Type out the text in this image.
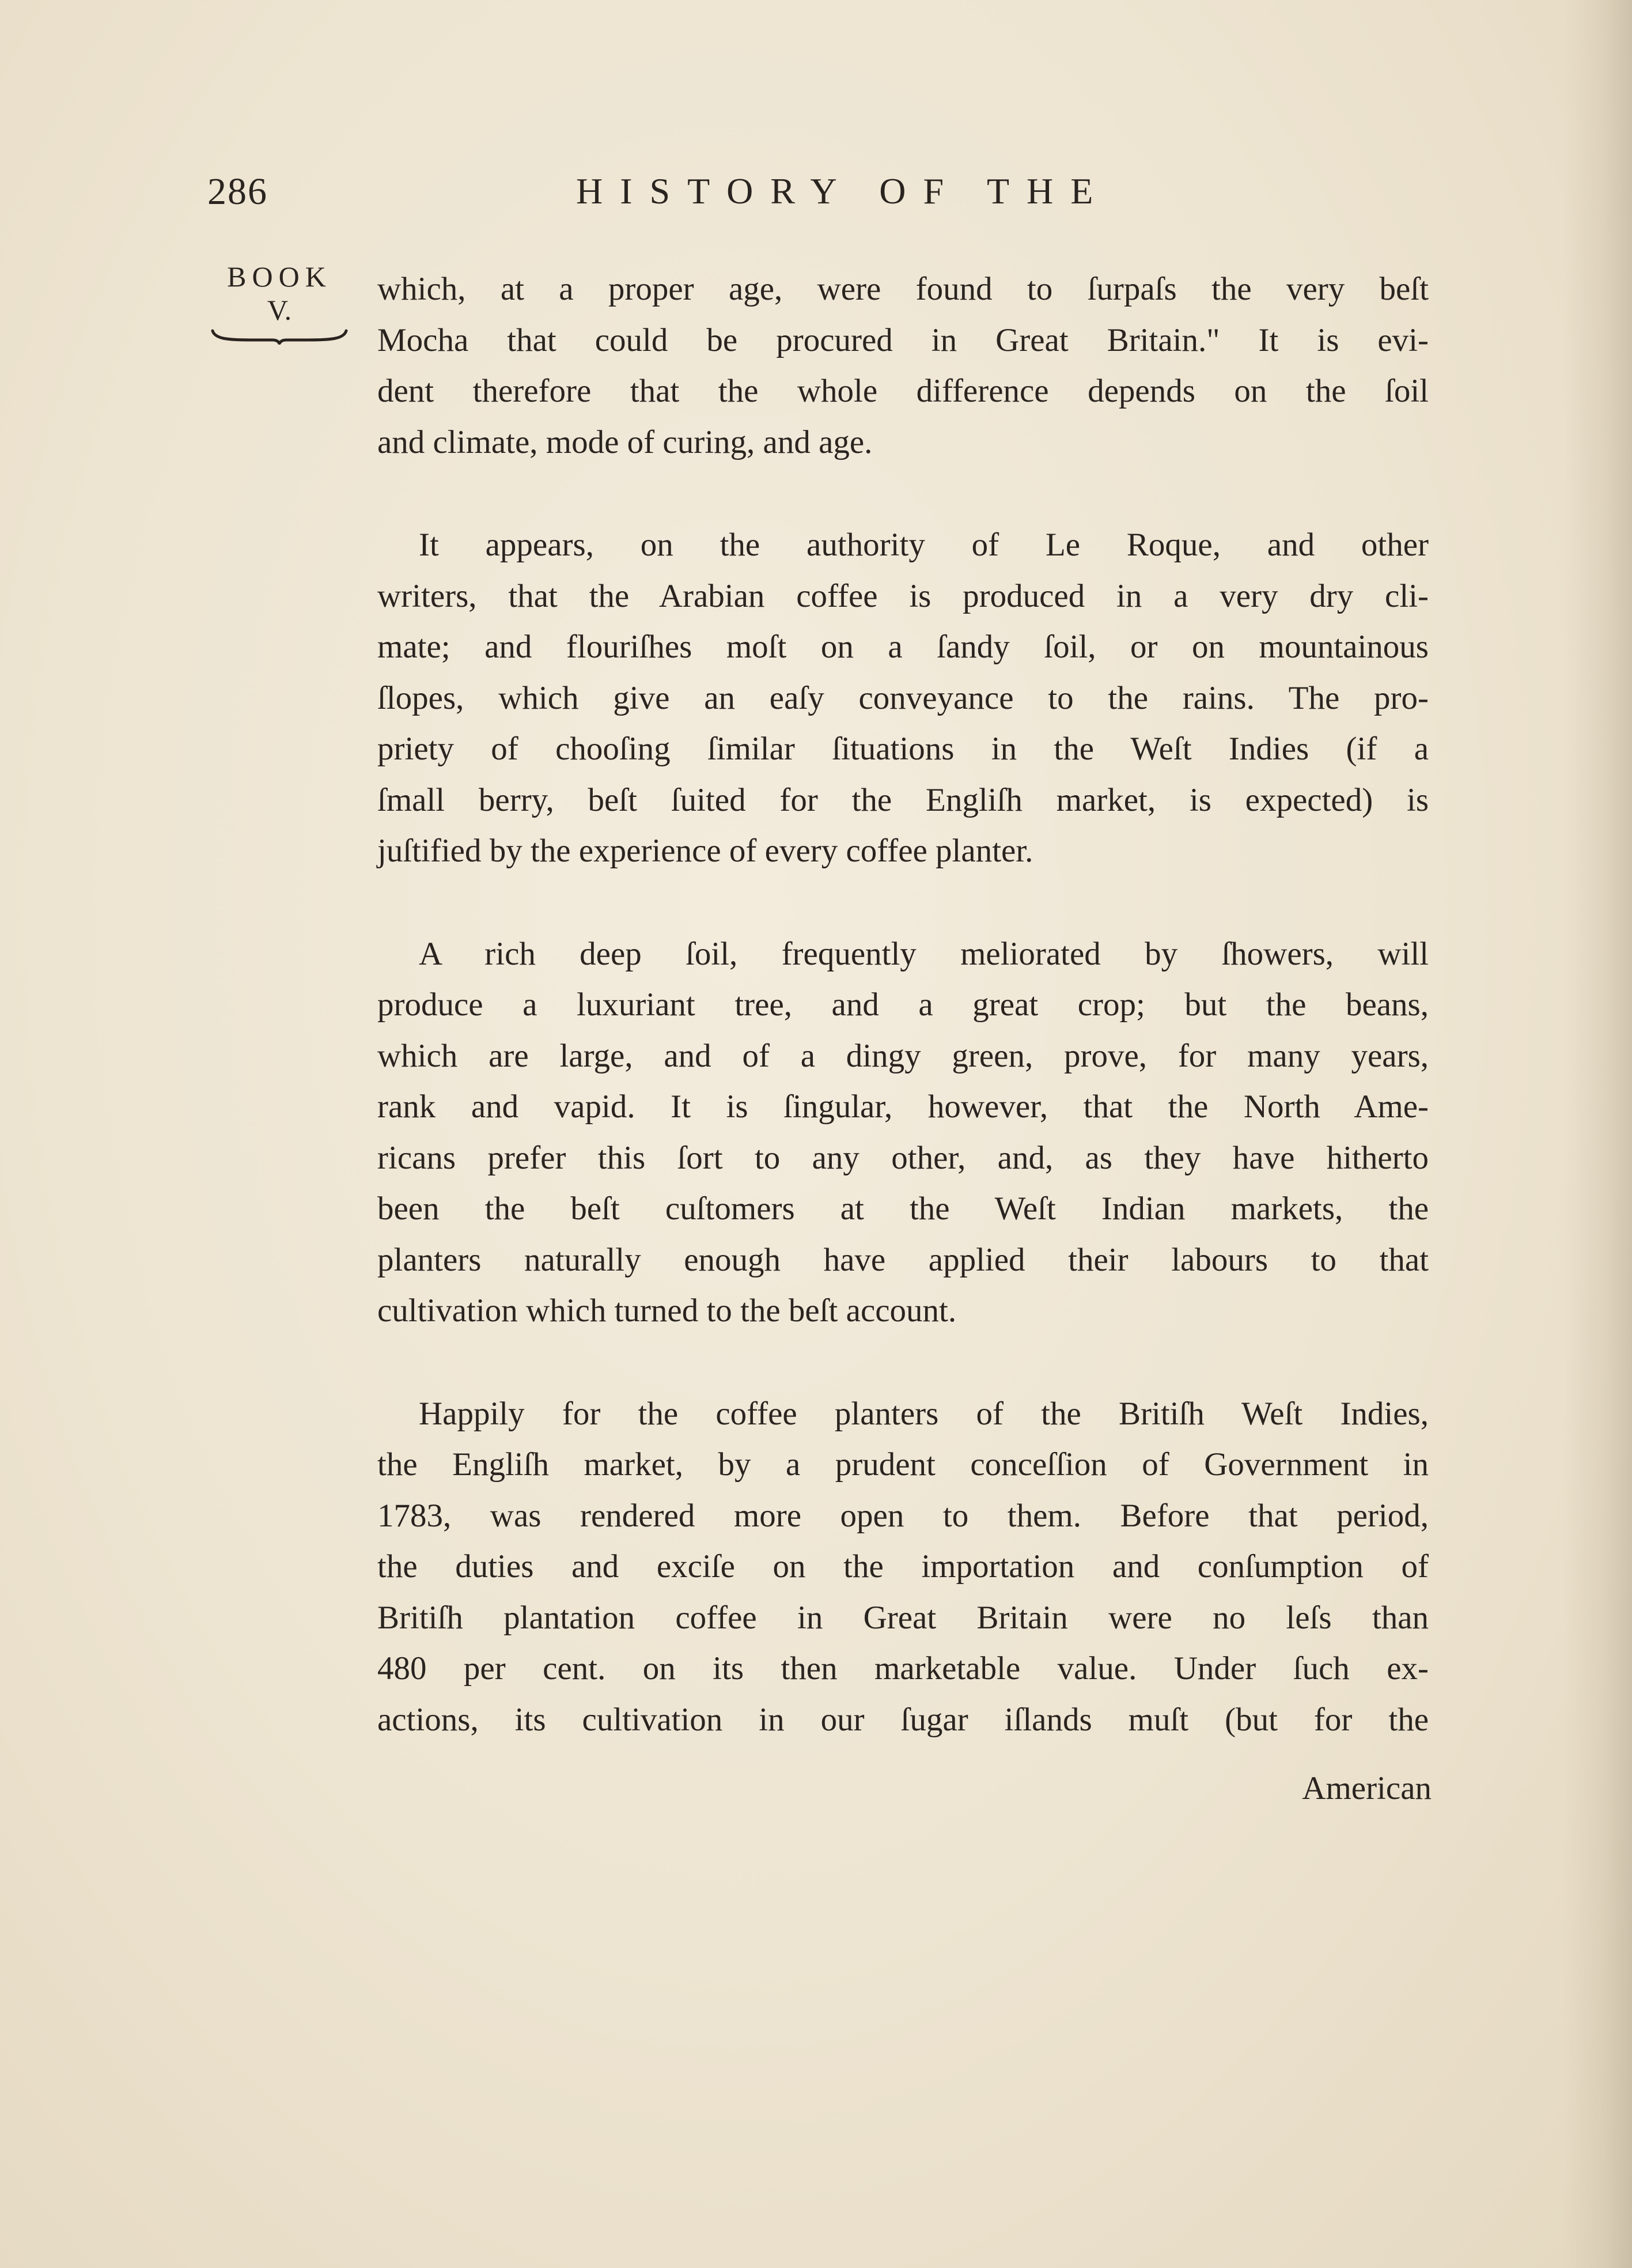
286	HISTORY OF THE
BOOK
V.
which, at a proper age, were found to ſurpaſs the very beſt
Mocha that could be procured in Great Britain." It is evi-
dent therefore that the whole difference depends on the ſoil
and climate, mode of curing, and age.
It appears, on the authority of Le Roque, and other
writers, that the Arabian coffee is produced in a very dry cli-
mate; and flouriſhes moſt on a ſandy ſoil, or on mountainous
ſlopes, which give an eaſy conveyance to the rains. The pro-
priety of chooſing ſimilar ſituations in the Weſt Indies (if a
ſmall berry, beſt ſuited for the Engliſh market, is expected) is
juſtified by the experience of every coffee planter.
A rich deep ſoil, frequently meliorated by ſhowers, will
produce a luxuriant tree, and a great crop; but the beans,
which are large, and of a dingy green, prove, for many years,
rank and vapid. It is ſingular, however, that the North Ame-
ricans prefer this ſort to any other, and, as they have hitherto
been the beſt cuſtomers at the Weſt Indian markets, the
planters naturally enough have applied their labours to that
cultivation which turned to the beſt account.
Happily for the coffee planters of the Britiſh Weſt Indies,
the Engliſh market, by a prudent conceſſion of Government in
1783, was rendered more open to them. Before that period,
the duties and exciſe on the importation and conſumption of
Britiſh plantation coffee in Great Britain were no leſs than
480 per cent. on its then marketable value. Under ſuch ex-
actions, its cultivation in our ſugar iſlands muſt (but for the
American
